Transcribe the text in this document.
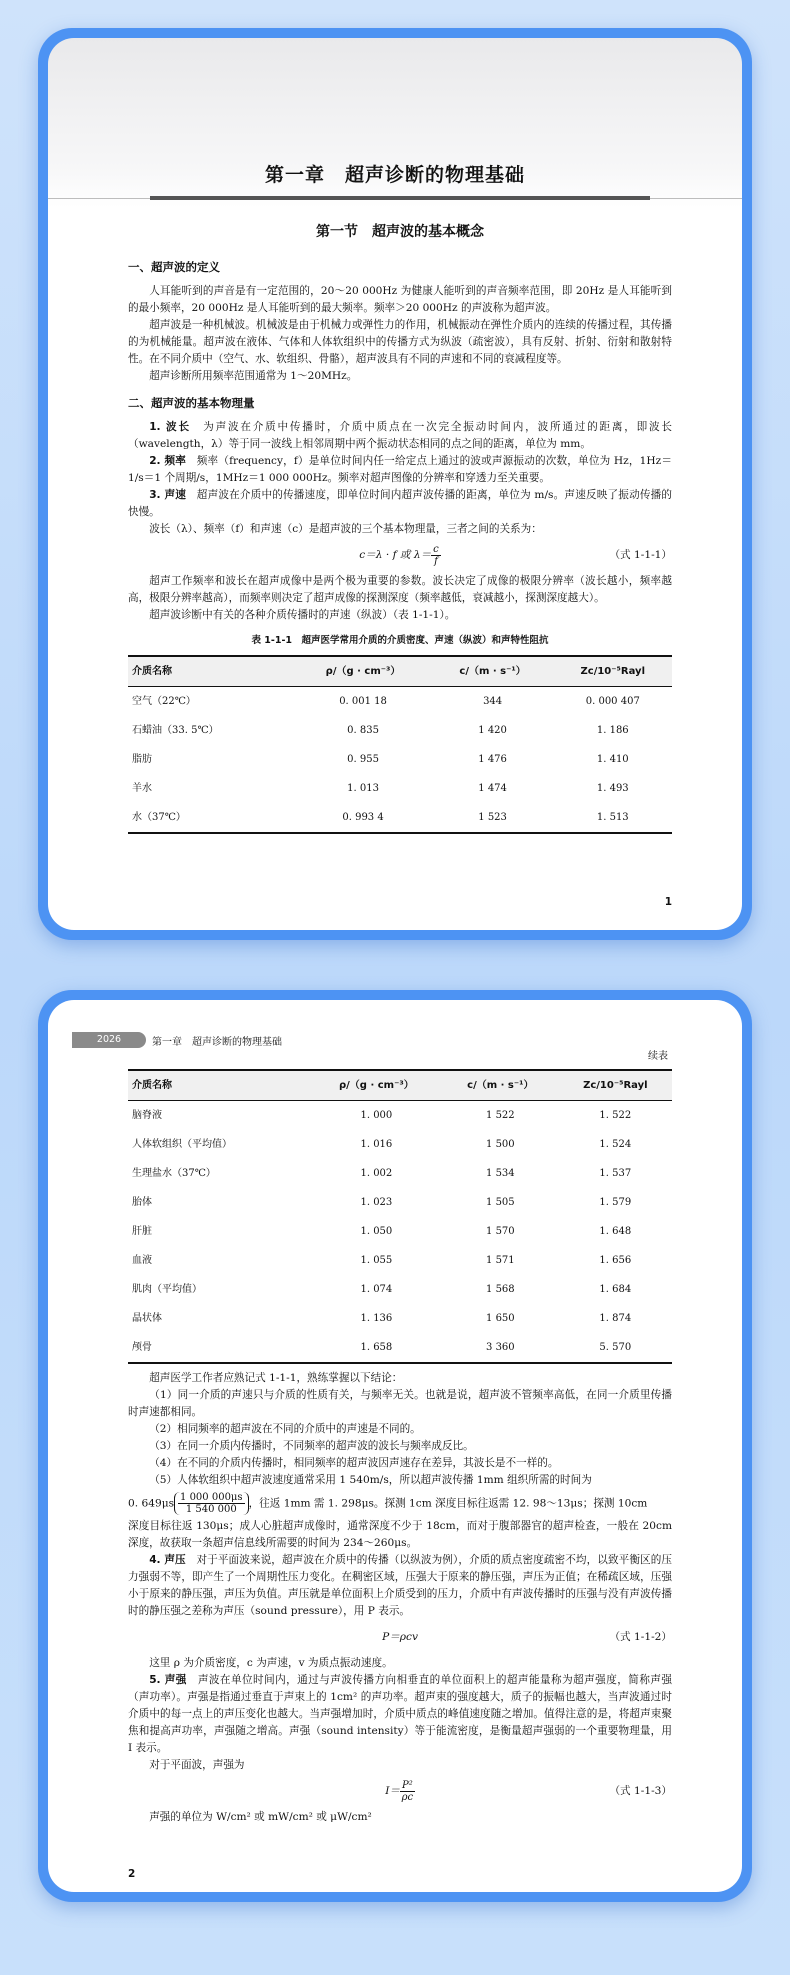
第一章　超声诊断的物理基础
第一节　超声波的基本概念
一、超声波的定义

人耳能听到的声音是有一定范围的，20～20 000Hz 为健康人能听到的声音频率范围，即 20Hz 是人耳能听到的最小频率，20 000Hz 是人耳能听到的最大频率。频率＞20 000Hz 的声波称为超声波。

超声波是一种机械波。机械波是由于机械力或弹性力的作用，机械振动在弹性介质内的连续的传播过程，其传播的为机械能量。超声波在液体、气体和人体软组织中的传播方式为纵波（疏密波），具有反射、折射、衍射和散射特性。在不同介质中（空气、水、软组织、骨骼），超声波具有不同的声速和不同的衰减程度等。

超声诊断所用频率范围通常为 1～20MHz。

二、超声波的基本物理量

1. 波长　 为声波在介质中传播时，介质中质点在一次完全振动时间内，波所通过的距离，即波长（wavelength，λ）等于同一波线上相邻周期中两个振动状态相同的点之间的距离，单位为 mm。

2. 频率　 频率（frequency，f）是单位时间内任一给定点上通过的波或声源振动的次数，单位为 Hz，1Hz＝1/s＝1 个周期/s，1MHz＝1 000 000Hz。频率对超声图像的分辨率和穿透力至关重要。

3. 声速　 超声波在介质中的传播速度，即单位时间内超声波传播的距离，单位为 m/s。声速反映了振动传播的快慢。

波长（λ）、频率（f）和声速（c）是超声波的三个基本物理量，三者之间的关系为：

c＝λ · f 或 $\lambda= \frac{c}{f}$	（式 1-1-1）

超声工作频率和波长在超声成像中是两个极为重要的参数。波长决定了成像的极限分辨率（波长越小，频率越高，极限分辨率越高），而频率则决定了超声成像的探测深度（频率越低，衰减越小，探测深度越大）。

超声波诊断中有关的各种介质传播时的声速（纵波）（表 1-1-1）。

表 1-1-1　超声医学常用介质的介质密度、声速（纵波）和声特性阻抗
介质名称	ρ/（g · cm⁻³）	c/（m · s⁻¹）	Zc/10⁻⁵Rayl
空气（22℃）	0. 001 18	344	0. 000 407
石蜡油（33. 5℃）	0. 835	1 420	1. 186
脂肪	0. 955	1 476	1. 410
羊水	1. 013	1 474	1. 493
水（37℃）	0. 993 4	1 523	1. 513
1
2026	第一章　超声诊断的物理基础
续表
介质名称	ρ/（g · cm⁻³）	c/（m · s⁻¹）	Zc/10⁻⁵Rayl
脑脊液	1. 000	1 522	1. 522
人体软组织（平均值）	1. 016	1 500	1. 524
生理盐水（37℃）	1. 002	1 534	1. 537
胎体	1. 023	1 505	1. 579
肝脏	1. 050	1 570	1. 648
血液	1. 055	1 571	1. 656
肌肉（平均值）	1. 074	1 568	1. 684
晶状体	1. 136	1 650	1. 874
颅骨	1. 658	3 360	5. 570

超声医学工作者应熟记式 1-1-1，熟练掌握以下结论：

（1）同一介质的声速只与介质的性质有关，与频率无关。也就是说，超声波不管频率高低，在同一介质里传播时声速都相同。

（2）相同频率的超声波在不同的介质中的声速是不同的。

（3）在同一介质内传播时，不同频率的超声波的波长与频率成反比。

（4）在不同的介质内传播时，相同频率的超声波因声速存在差异，其波长是不一样的。

（5）人体软组织中超声波速度通常采用 1 540m/s，所以超声波传播 1mm 组织所需的时间为

0. $649\mu s \frac{1 000 000\mu s}{1 540 000}$ ，往返 1mm 需 1. 298μs。探测 1cm 深度目标往返需 12. 98～13μs；探测 10cm

深度目标往返 130μs；成人心脏超声成像时，通常深度不少于 18cm，而对于腹部器官的超声检查，一般在 20cm 深度，故获取一条超声信息线所需要的时间为 234～260μs。

4. 声压　 对于平面波来说，超声波在介质中的传播（以纵波为例），介质的质点密度疏密不均，以致平衡区的压力强弱不等，即产生了一个周期性压力变化。在稠密区域，压强大于原来的静压强，声压为正值；在稀疏区域，压强小于原来的静压强，声压为负值。声压就是单位面积上介质受到的压力，介质中有声波传播时的压强与没有声波传播时的静压强之差称为声压（sound pressure），用 P 表示。

P＝ρcv	（式 1-1-2）

这里 ρ 为介质密度，c 为声速，v 为质点振动速度。

5. 声强　 声波在单位时间内，通过与声波传播方向相垂直的单位面积上的超声能量称为超声强度，简称声强（声功率）。声强是指通过垂直于声束上的 1cm² 的声功率。超声束的强度越大，质子的振幅也越大，当声波通过时介质中的每一点上的声压变化也越大。当声强增加时，介质中质点的峰值速度随之增加。值得注意的是，将超声束聚焦和提高声功率，声强随之增高。声强（sound intensity）等于能流密度，是衡量超声强弱的一个重要物理量，用 I 表示。

对于平面波，声强为

$I= \frac{\text{P²}}{\rho c}$	（式 1-1-3）

声强的单位为 W/cm² 或 mW/cm² 或 μW/cm²

2
